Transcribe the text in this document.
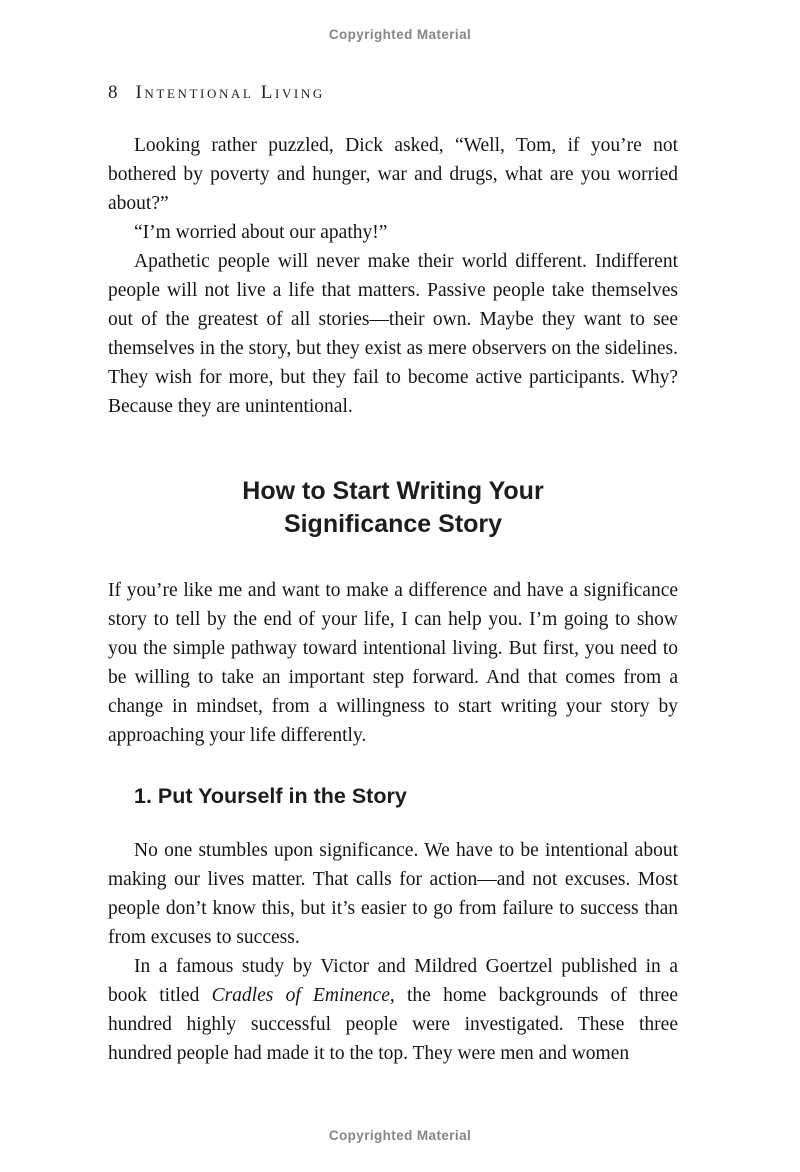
Copyrighted Material
8 Intentional Living

Looking rather puzzled, Dick asked, “Well, Tom, if you’re not bothered by poverty and hunger, war and drugs, what are you worried about?”

“I’m worried about our apathy!”

Apathetic people will never make their world different. Indifferent people will not live a life that matters. Passive people take themselves out of the greatest of all stories—their own. Maybe they want to see themselves in the story, but they exist as mere observers on the sidelines. They wish for more, but they fail to become active participants. Why? Because they are unintentional.

How to Start Writing Your
Significance Story

If you’re like me and want to make a difference and have a significance story to tell by the end of your life, I can help you. I’m going to show you the simple pathway toward intentional living. But first, you need to be willing to take an important step forward. And that comes from a change in mindset, from a willingness to start writing your story by approaching your life differently.

1. Put Yourself in the Story

No one stumbles upon significance. We have to be intentional about making our lives matter. That calls for action—and not excuses. Most people don’t know this, but it’s easier to go from failure to success than from excuses to success.

In a famous study by Victor and Mildred Goertzel published in a book titled Cradles of Eminence, the home backgrounds of three hundred highly successful people were investigated. These three hundred people had made it to the top. They were men and women

Copyrighted Material
